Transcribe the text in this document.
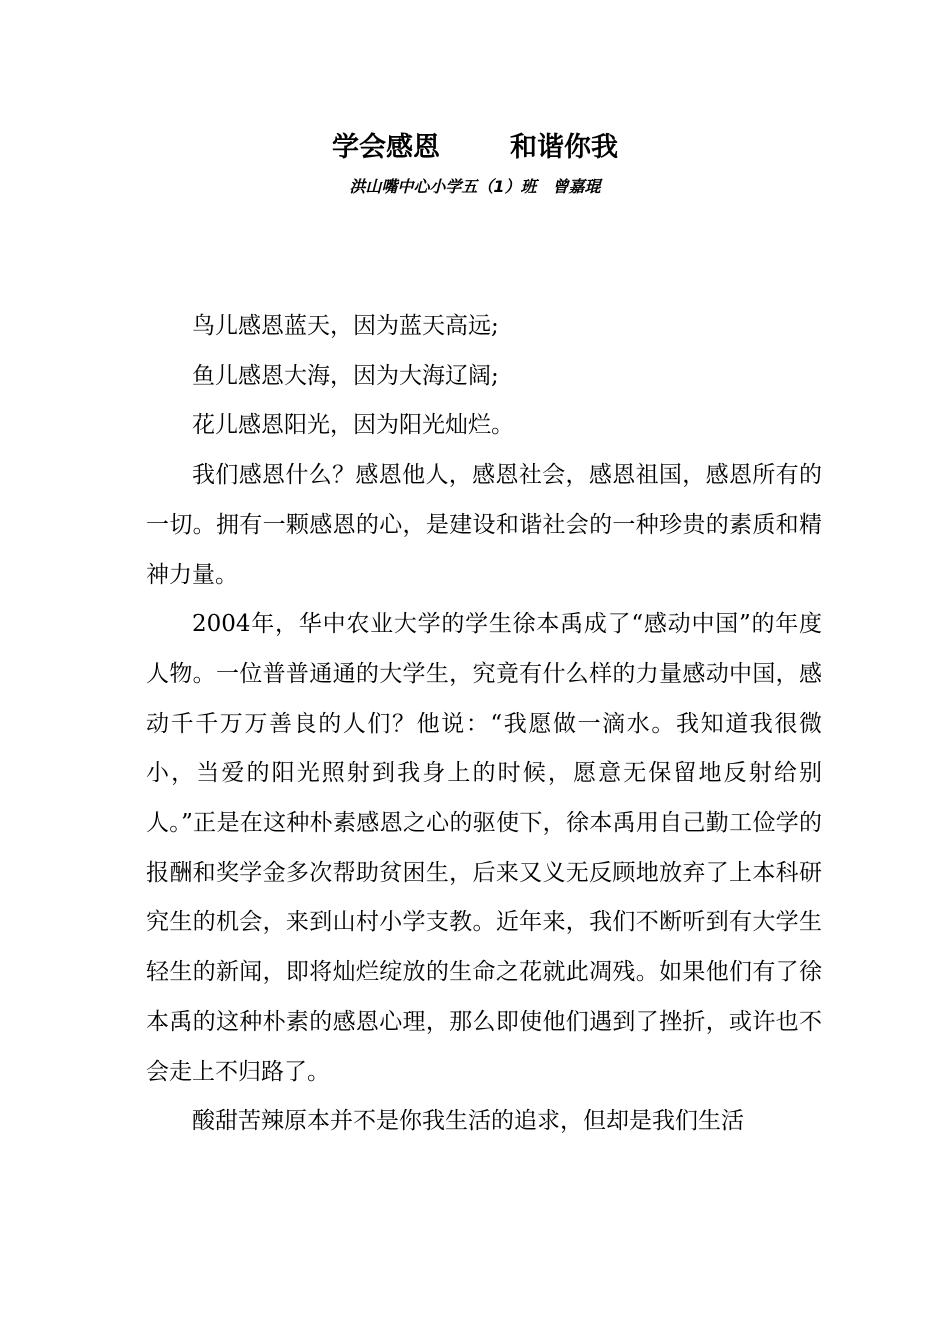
学会感恩	和谐你我
洪山嘴中心小学五（1）班　曾嘉琨

鸟儿感恩蓝天，因为蓝天高远;

鱼儿感恩大海，因为大海辽阔;

花儿感恩阳光，因为阳光灿烂。

我们感恩什么？感恩他人，感恩社会，感恩祖国，感恩所有的一切。拥有一颗感恩的心，是建设和谐社会的一种珍贵的素质和精神力量。

2004年，华中农业大学的学生徐本禹成了“感动中国”的年度人物。一位普普通通的大学生，究竟有什么样的力量感动中国，感动千千万万善良的人们？他说：“我愿做一滴水。我知道我很微小，当爱的阳光照射到我身上的时候，愿意无保留地反射给别人。”正是在这种朴素感恩之心的驱使下，徐本禹用自己勤工俭学的报酬和奖学金多次帮助贫困生，后来又义无反顾地放弃了上本科研究生的机会，来到山村小学支教。近年来，我们不断听到有大学生轻生的新闻，即将灿烂绽放的生命之花就此凋残。如果他们有了徐本禹的这种朴素的感恩心理，那么即使他们遇到了挫折，或许也不会走上不归路了。

酸甜苦辣原本并不是你我生活的追求，但却是我们生活
